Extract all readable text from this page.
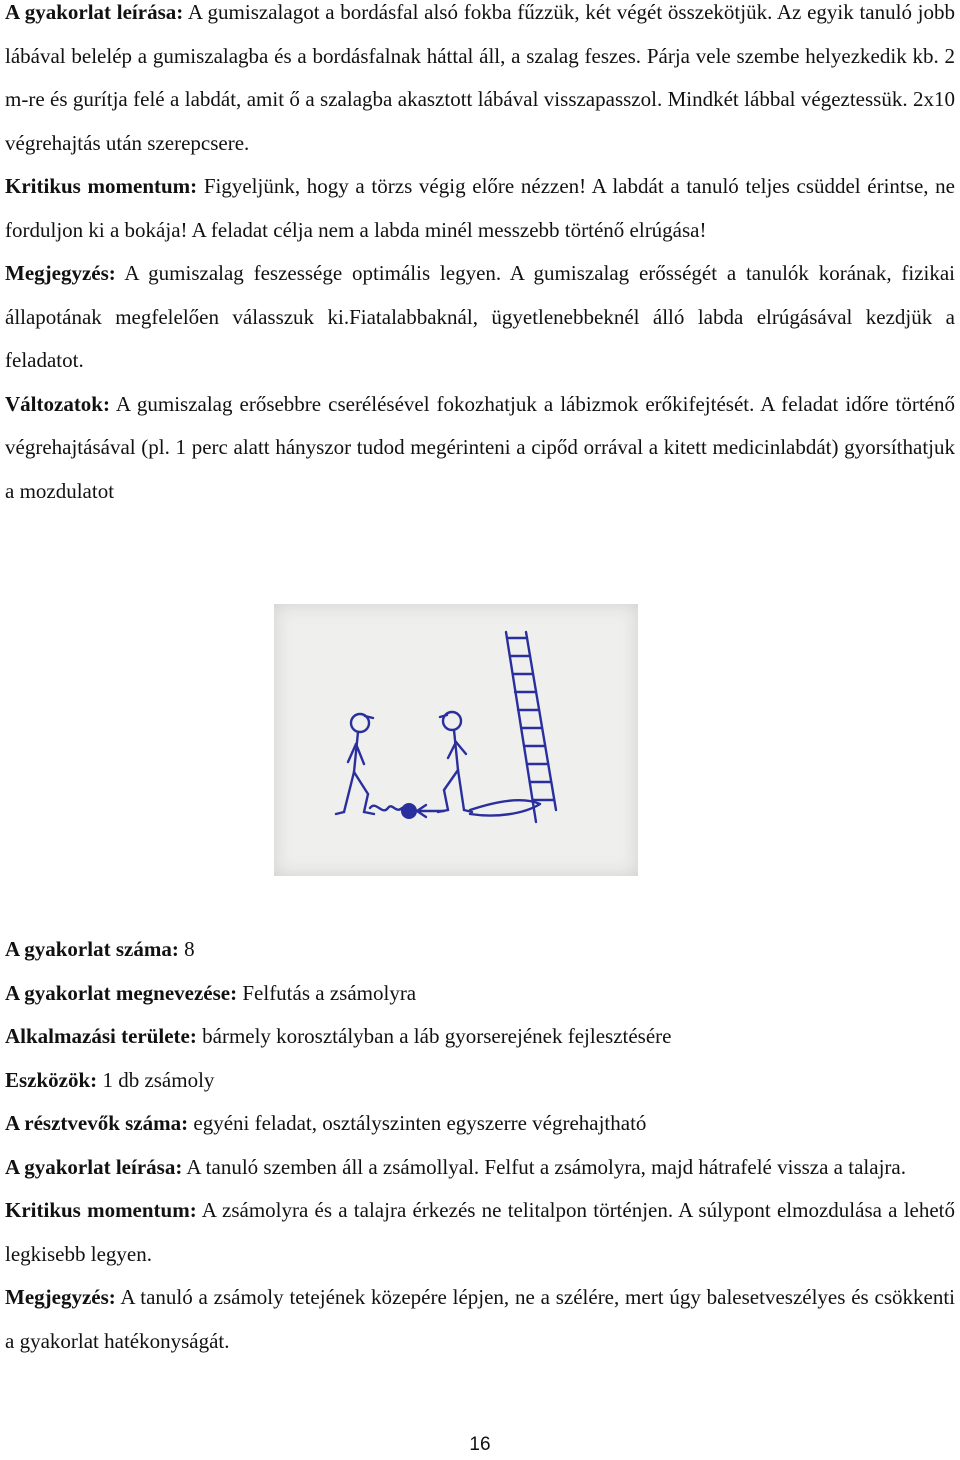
A gyakorlat leírása: A gumiszalagot a bordásfal alsó fokba fűzzük, két végét összekötjük. Az egyik tanuló jobb lábával belelép a gumiszalagba és a bordásfalnak háttal áll, a szalag feszes. Párja vele szembe helyezkedik kb. 2 m-re és gurítja felé a labdát, amit ő a szalagba akasztott lábával visszapasszol. Mindkét lábbal végeztessük. 2x10 végrehajtás után szerepcsere.

Kritikus momentum: Figyeljünk, hogy a törzs végig előre nézzen! A labdát a tanuló teljes csüddel érintse, ne forduljon ki a bokája! A feladat célja nem a labda minél messzebb történő elrúgása!

Megjegyzés: A gumiszalag feszessége optimális legyen. A gumiszalag erősségét a tanulók korának, fizikai állapotának megfelelően válasszuk ki.Fiatalabbaknál, ügyetlenebbeknél álló labda elrúgásával kezdjük a feladatot.

Változatok: A gumiszalag erősebbre cserélésével fokozhatjuk a lábizmok erőkifejtését. A feladat időre történő végrehajtásával (pl. 1 perc alatt hányszor tudod megérinteni a cipőd orrával a kitett medicinlabdát) gyorsíthatjuk a mozdulatot

A gyakorlat száma: 8

A gyakorlat megnevezése: Felfutás a zsámolyra

Alkalmazási területe: bármely korosztályban a láb gyorserejének fejlesztésére

Eszközök: 1 db zsámoly

A résztvevők száma: egyéni feladat, osztályszinten egyszerre végrehajtható

A gyakorlat leírása: A tanuló szemben áll a zsámollyal. Felfut a zsámolyra, majd hátrafelé vissza a talajra.

Kritikus momentum: A zsámolyra és a talajra érkezés ne telitalpon történjen. A súlypont elmozdulása a lehető legkisebb legyen.

Megjegyzés: A tanuló a zsámoly tetejének közepére lépjen, ne a szélére, mert úgy balesetveszélyes és csökkenti a gyakorlat hatékonyságát.

16
